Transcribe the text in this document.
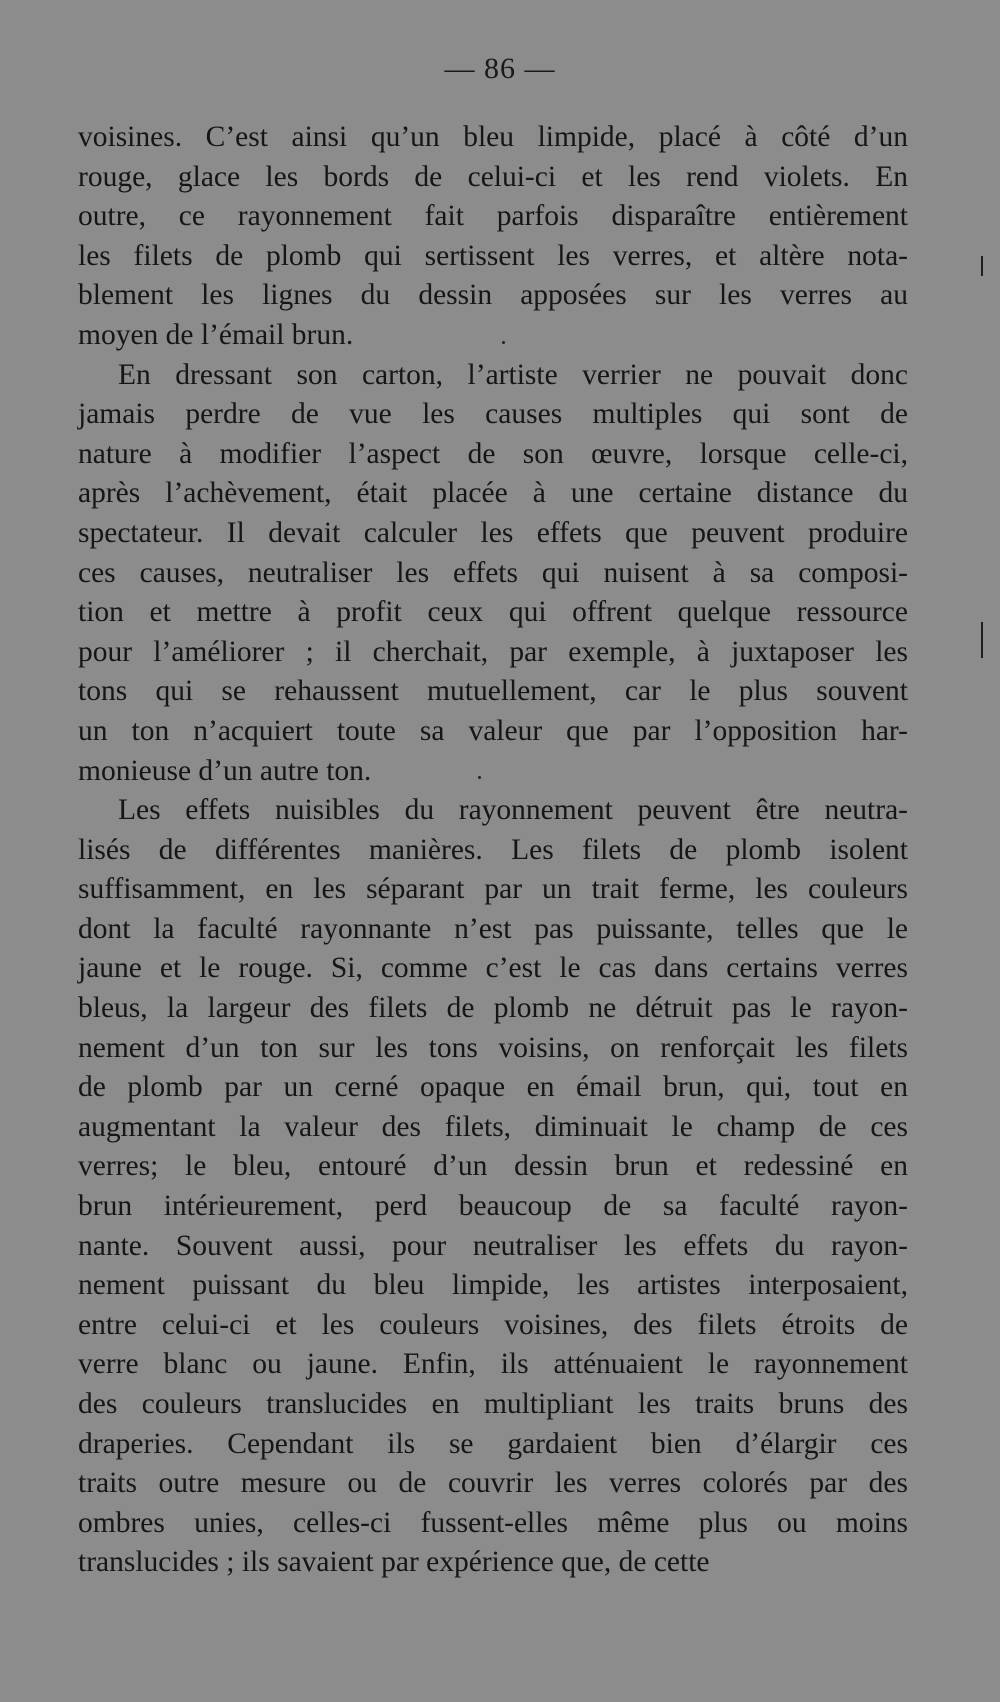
— 86 —
voisines. C’est ainsi qu’un bleu limpide, placé à côté d’un
rouge, glace les bords de celui-ci et les rend violets. En
outre, ce rayonnement fait parfois disparaître entièrement
les filets de plomb qui sertissent les verres, et altère nota-
blement les lignes du dessin apposées sur les verres au
moyen de l’émail brun.
En dressant son carton, l’artiste verrier ne pouvait donc
jamais perdre de vue les causes multiples qui sont de
nature à modifier l’aspect de son œuvre, lorsque celle-ci,
après l’achèvement, était placée à une certaine distance du
spectateur. Il devait calculer les effets que peuvent produire
ces causes, neutraliser les effets qui nuisent à sa composi-
tion et mettre à profit ceux qui offrent quelque ressource
pour l’améliorer ; il cherchait, par exemple, à juxtaposer les
tons qui se rehaussent mutuellement, car le plus souvent
un ton n’acquiert toute sa valeur que par l’opposition har-
monieuse d’un autre ton.
Les effets nuisibles du rayonnement peuvent être neutra-
lisés de différentes manières. Les filets de plomb isolent
suffisamment, en les séparant par un trait ferme, les couleurs
dont la faculté rayonnante n’est pas puissante, telles que le
jaune et le rouge. Si, comme c’est le cas dans certains verres
bleus, la largeur des filets de plomb ne détruit pas le rayon-
nement d’un ton sur les tons voisins, on renforçait les filets
de plomb par un cerné opaque en émail brun, qui, tout en
augmentant la valeur des filets, diminuait le champ de ces
verres; le bleu, entouré d’un dessin brun et redessiné en
brun intérieurement, perd beaucoup de sa faculté rayon-
nante. Souvent aussi, pour neutraliser les effets du rayon-
nement puissant du bleu limpide, les artistes interposaient,
entre celui-ci et les couleurs voisines, des filets étroits de
verre blanc ou jaune. Enfin, ils atténuaient le rayonnement
des couleurs translucides en multipliant les traits bruns des
draperies. Cependant ils se gardaient bien d’élargir ces
traits outre mesure ou de couvrir les verres colorés par des
ombres unies, celles-ci fussent-elles même plus ou moins
translucides ; ils savaient par expérience que, de cette
